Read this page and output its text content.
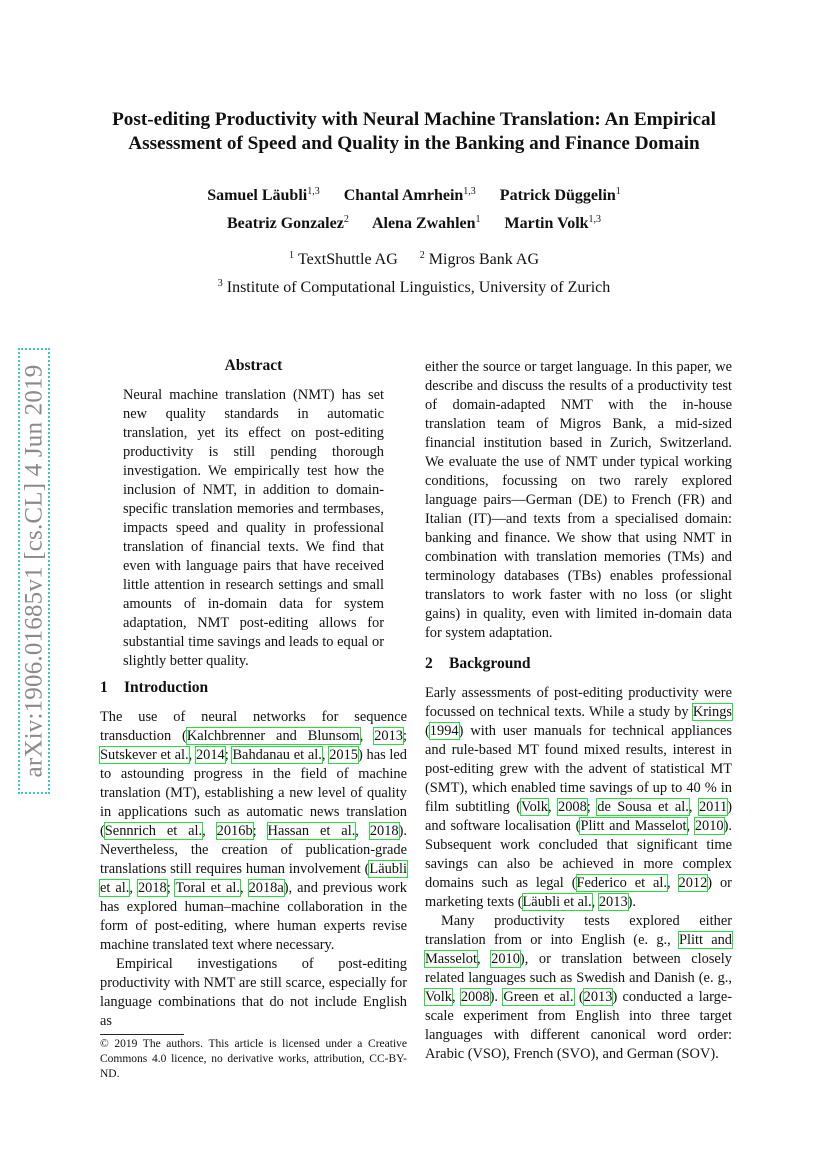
arXiv:1906.01685v1 [cs.CL] 4 Jun 2019
Post-editing Productivity with Neural Machine Translation: An Empirical
Assessment of Speed and Quality in the Banking and Finance Domain
Samuel Läubli$^{1,3}$ Chantal Amrhein$^{1,3}$ Patrick Düggelin$^1$
Beatriz Gonzalez$^2$ Alena Zwahlen$^1$ Martin Volk$^{1,3}$
$^1$ TextShuttle AG $^2$ Migros Bank AG
$^3$ Institute of Computational Linguistics, University of Zurich
Abstract
Neural machine translation (NMT) has set new quality standards in automatic translation, yet its effect on post-editing productivity is still pending thorough investigation. We empirically test how the inclusion of NMT, in addition to domain-specific translation memories and termbases, impacts speed and quality in professional translation of financial texts. We find that even with language pairs that have received little attention in research settings and small amounts of in-domain data for system adaptation, NMT post-editing allows for substantial time savings and leads to equal or slightly better quality.
1 Introduction

The use of neural networks for sequence transduction (Kalchbrenner and Blunsom, 2013; Sutskever et al., 2014; Bahdanau et al., 2015) has led to astounding progress in the field of machine translation (MT), establishing a new level of quality in applications such as automatic news translation (Sennrich et al., 2016b; Hassan et al., 2018). Nevertheless, the creation of publication-grade translations still requires human involvement (Läubli et al., 2018; Toral et al., 2018a), and previous work has explored human–machine collaboration in the form of post-editing, where human experts revise machine translated text where necessary.

Empirical investigations of post-editing productivity with NMT are still scarce, especially for language combinations that do not include English as

© 2019 The authors. This article is licensed under a Creative Commons 4.0 licence, no derivative works, attribution, CC-BY-ND.

either the source or target language. In this paper, we describe and discuss the results of a productivity test of domain-adapted NMT with the in-house translation team of Migros Bank, a mid-sized financial institution based in Zurich, Switzerland. We evaluate the use of NMT under typical working conditions, focussing on two rarely explored language pairs—German (DE) to French (FR) and Italian (IT)—and texts from a specialised domain: banking and finance. We show that using NMT in combination with translation memories (TMs) and terminology databases (TBs) enables professional translators to work faster with no loss (or slight gains) in quality, even with limited in-domain data for system adaptation.

2 Background

Early assessments of post-editing productivity were focussed on technical texts. While a study by Krings (1994) with user manuals for technical appliances and rule-based MT found mixed results, interest in post-editing grew with the advent of statistical MT (SMT), which enabled time savings of up to 40 % in film subtitling (Volk, 2008; de Sousa et al., 2011) and software localisation (Plitt and Masselot, 2010). Subsequent work concluded that significant time savings can also be achieved in more complex domains such as legal (Federico et al., 2012) or marketing texts (Läubli et al., 2013).

Many productivity tests explored either translation from or into English (e. g., Plitt and Masselot, 2010), or translation between closely related languages such as Swedish and Danish (e. g., Volk, 2008). Green et al. (2013) conducted a large-scale experiment from English into three target languages with different canonical word order: Arabic (VSO), French (SVO), and German (SOV).
